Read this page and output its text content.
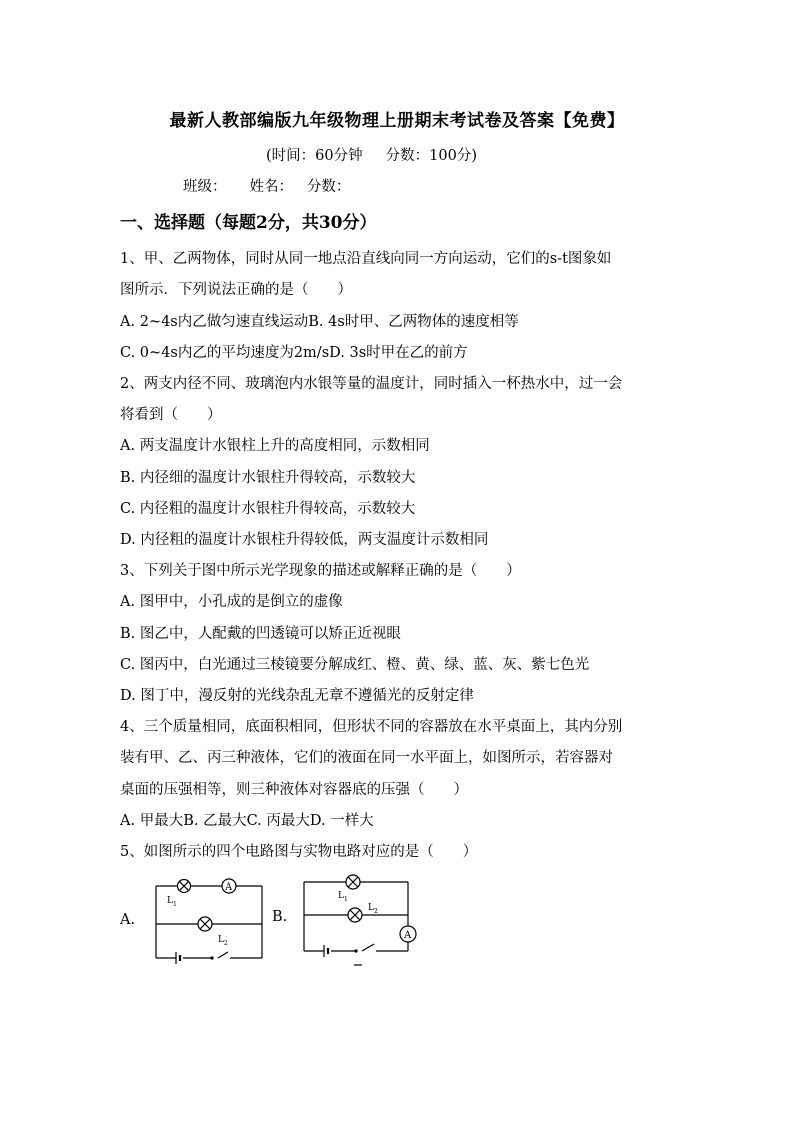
最新人教部编版九年级物理上册期末考试卷及答案【免费】
(时间：60分钟     分数：100分)
班级：     姓名：   分数：
一、选择题（每题2分，共30分）
1、甲、乙两物体，同时从同一地点沿直线向同一方向运动，它们的s-t图象如
图所示．下列说法正确的是（　　）
A. 2~4s内乙做匀速直线运动B. 4s时甲、乙两物体的速度相等
C. 0~4s内乙的平均速度为2m/sD. 3s时甲在乙的前方
2、两支内径不同、玻璃泡内水银等量的温度计，同时插入一杯热水中，过一会
将看到（　　）
A. 两支温度计水银柱上升的高度相同，示数相同
B. 内径细的温度计水银柱升得较高，示数较大
C. 内径粗的温度计水银柱升得较高，示数较大
D. 内径粗的温度计水银柱升得较低，两支温度计示数相同
3、下列关于图中所示光学现象的描述或解释正确的是（　　）
A. 图甲中，小孔成的是倒立的虚像
B. 图乙中，人配戴的凹透镜可以矫正近视眼
C. 图丙中，白光通过三棱镜要分解成红、橙、黄、绿、蓝、灰、紫七色光
D. 图丁中，漫反射的光线杂乱无章不遵循光的反射定律
4、三个质量相同，底面积相同，但形状不同的容器放在水平桌面上，其内分别
装有甲、乙、丙三种液体，它们的液面在同一水平面上，如图所示，若容器对
桌面的压强相等，则三种液体对容器底的压强（　　）
A. 甲最大B. 乙最大C. 丙最大D. 一样大
5、如图所示的四个电路图与实物电路对应的是（　　）
A.
A
L 1
L 2
B.
A
L 1
L 2
